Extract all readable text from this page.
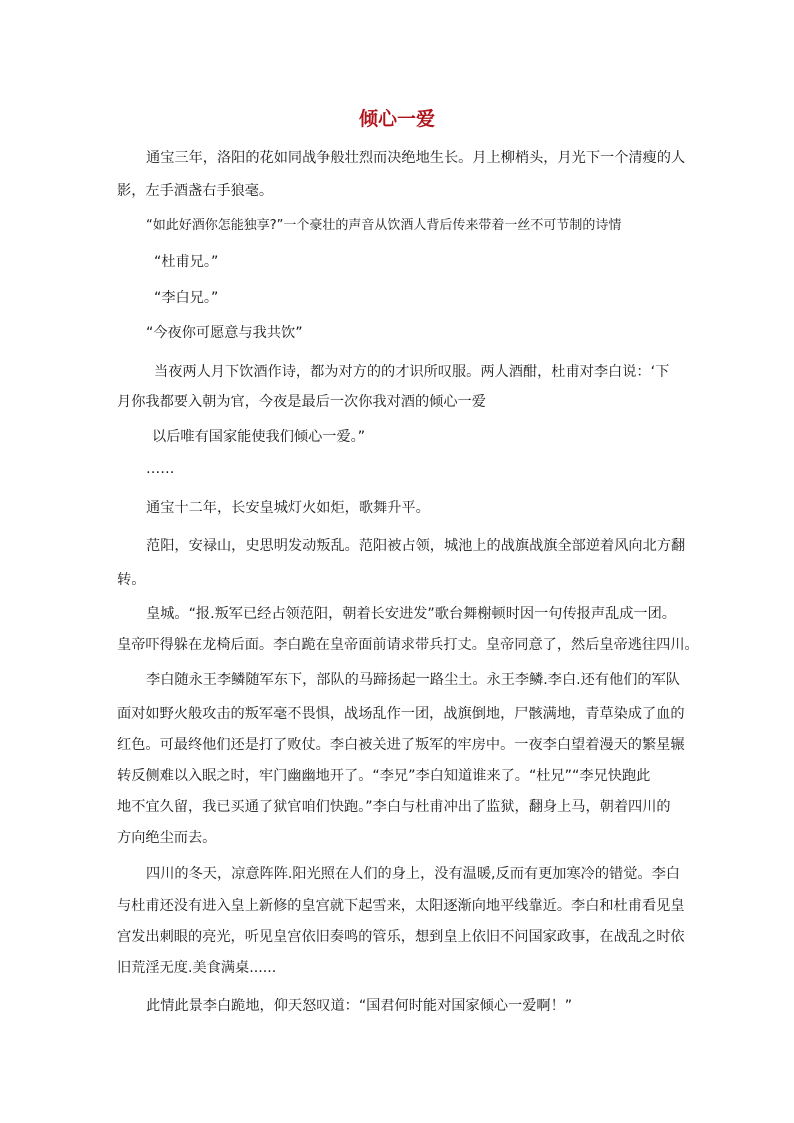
倾心一爱
通宝三年，洛阳的花如同战争般壮烈而决绝地生长。月上柳梢头，月光下一个清瘦的人
影，左手酒盏右手狼毫。
“如此好酒你怎能独享?”一个豪壮的声音从饮酒人背后传来带着一丝不可节制的诗情
“杜甫兄。”
“李白兄。”
“今夜你可愿意与我共饮”
当夜两人月下饮酒作诗，都为对方的的才识所叹服。两人酒酣，杜甫对李白说：‘下
月你我都要入朝为官，今夜是最后一次你我对酒的倾心一爱
以后唯有国家能使我们倾心一爱。”
……
通宝十二年，长安皇城灯火如炬，歌舞升平。
范阳，安禄山，史思明发动叛乱。范阳被占领，城池上的战旗战旗全部逆着风向北方翻
转。
皇城。“报.叛军已经占领范阳，朝着长安进发”歌台舞榭顿时因一句传报声乱成一团。
皇帝吓得躲在龙椅后面。李白跪在皇帝面前请求带兵打丈。皇帝同意了，然后皇帝逃往四川。
李白随永王李鳞随军东下，部队的马蹄扬起一路尘土。永王李鳞.李白.还有他们的军队
面对如野火般攻击的叛军毫不畏惧，战场乱作一团，战旗倒地，尸骸满地，青草染成了血的
红色。可最终他们还是打了败仗。李白被关进了叛军的牢房中。一夜李白望着漫天的繁星辗
转反侧难以入眠之时，牢门幽幽地开了。“李兄”李白知道谁来了。“杜兄”“李兄快跑此
地不宜久留，我已买通了狱官咱们快跑。”李白与杜甫冲出了监狱，翻身上马，朝着四川的
方向绝尘而去。
四川的冬天，凉意阵阵.阳光照在人们的身上，没有温暖,反而有更加寒冷的错觉。李白
与杜甫还没有进入皇上新修的皇宫就下起雪来，太阳逐渐向地平线靠近。李白和杜甫看见皇
宫发出刺眼的亮光，听见皇宫依旧奏鸣的管乐，想到皇上依旧不问国家政事，在战乱之时依
旧荒淫无度.美食满桌......
此情此景李白跪地，仰天怒叹道：“国君何时能对国家倾心一爱啊！”
